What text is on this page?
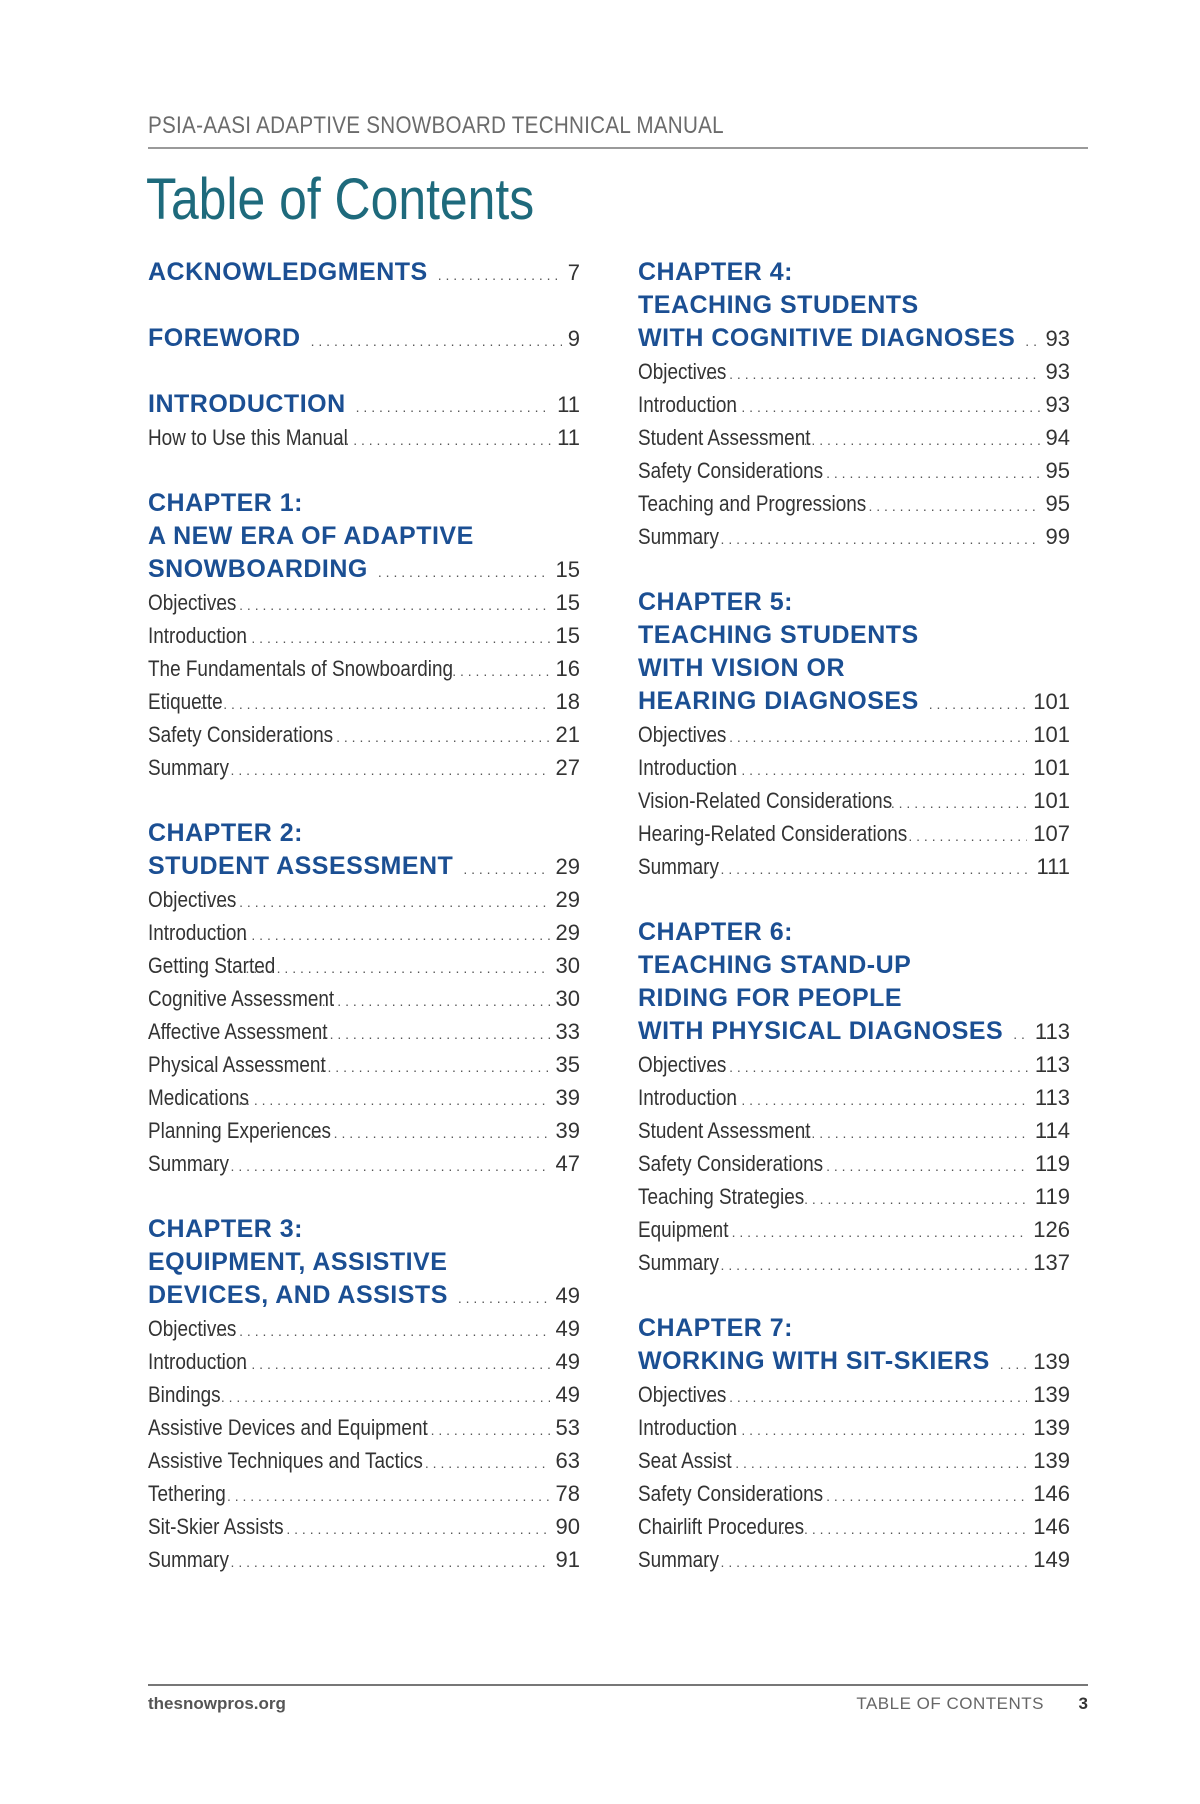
PSIA-AASI ADAPTIVE SNOWBOARD TECHNICAL MANUAL
Table of Contents
ACKNOWLEDGMENTS . . .	7
FOREWORD . . .	9
INTRODUCTION . . .	11
How to Use this Manual . . .	11
CHAPTER 1:
A NEW ERA OF ADAPTIVE
SNOWBOARDING . . .	15
Objectives . . .	15
Introduction . . .	15
The Fundamentals of Snowboarding . . .	16
Etiquette . . .	18
Safety Considerations . . .	21
Summary . . .	27
CHAPTER 2:
STUDENT ASSESSMENT . . .	29
Objectives . . .	29
Introduction . . .	29
Getting Started . . .	30
Cognitive Assessment . . .	30
Affective Assessment . . .	33
Physical Assessment . . .	35
Medications . . .	39
Planning Experiences . . .	39
Summary . . .	47
CHAPTER 3:
EQUIPMENT, ASSISTIVE
DEVICES, AND ASSISTS . . .	49
Objectives . . .	49
Introduction . . .	49
Bindings . . .	49
Assistive Devices and Equipment . . .	53
Assistive Techniques and Tactics . . .	63
Tethering . . .	78
Sit-Skier Assists . . .	90
Summary . . .	91
CHAPTER 4:
TEACHING STUDENTS
WITH COGNITIVE DIAGNOSES . . . 93
Objectives . . .	93
Introduction . . .	93
Student Assessment . . .	94
Safety Considerations . . .	95
Teaching and Progressions . . .	95
Summary . . .	99
CHAPTER 5:
TEACHING STUDENTS
WITH VISION OR
HEARING DIAGNOSES . . .	101
Objectives . . .	101
Introduction . . .	101
Vision-Related Considerations . . .	101
Hearing-Related Considerations . . .	107
Summary . . .	111
CHAPTER 6:
TEACHING STAND-UP
RIDING FOR PEOPLE
WITH PHYSICAL DIAGNOSES . . . 113
Objectives . . .	113
Introduction . . .	113
Student Assessment . . .	114
Safety Considerations . . .	119
Teaching Strategies . . .	119
Equipment . . .	126
Summary . . .	137
CHAPTER 7:
WORKING WITH SIT-SKIERS . . . 139
Objectives . . .	139
Introduction . . .	139
Seat Assist . . .	139
Safety Considerations . . .	146
Chairlift Procedures . . .	146
Summary . . .	149
thesnowpros.org	TABLE OF CONTENTS 3
